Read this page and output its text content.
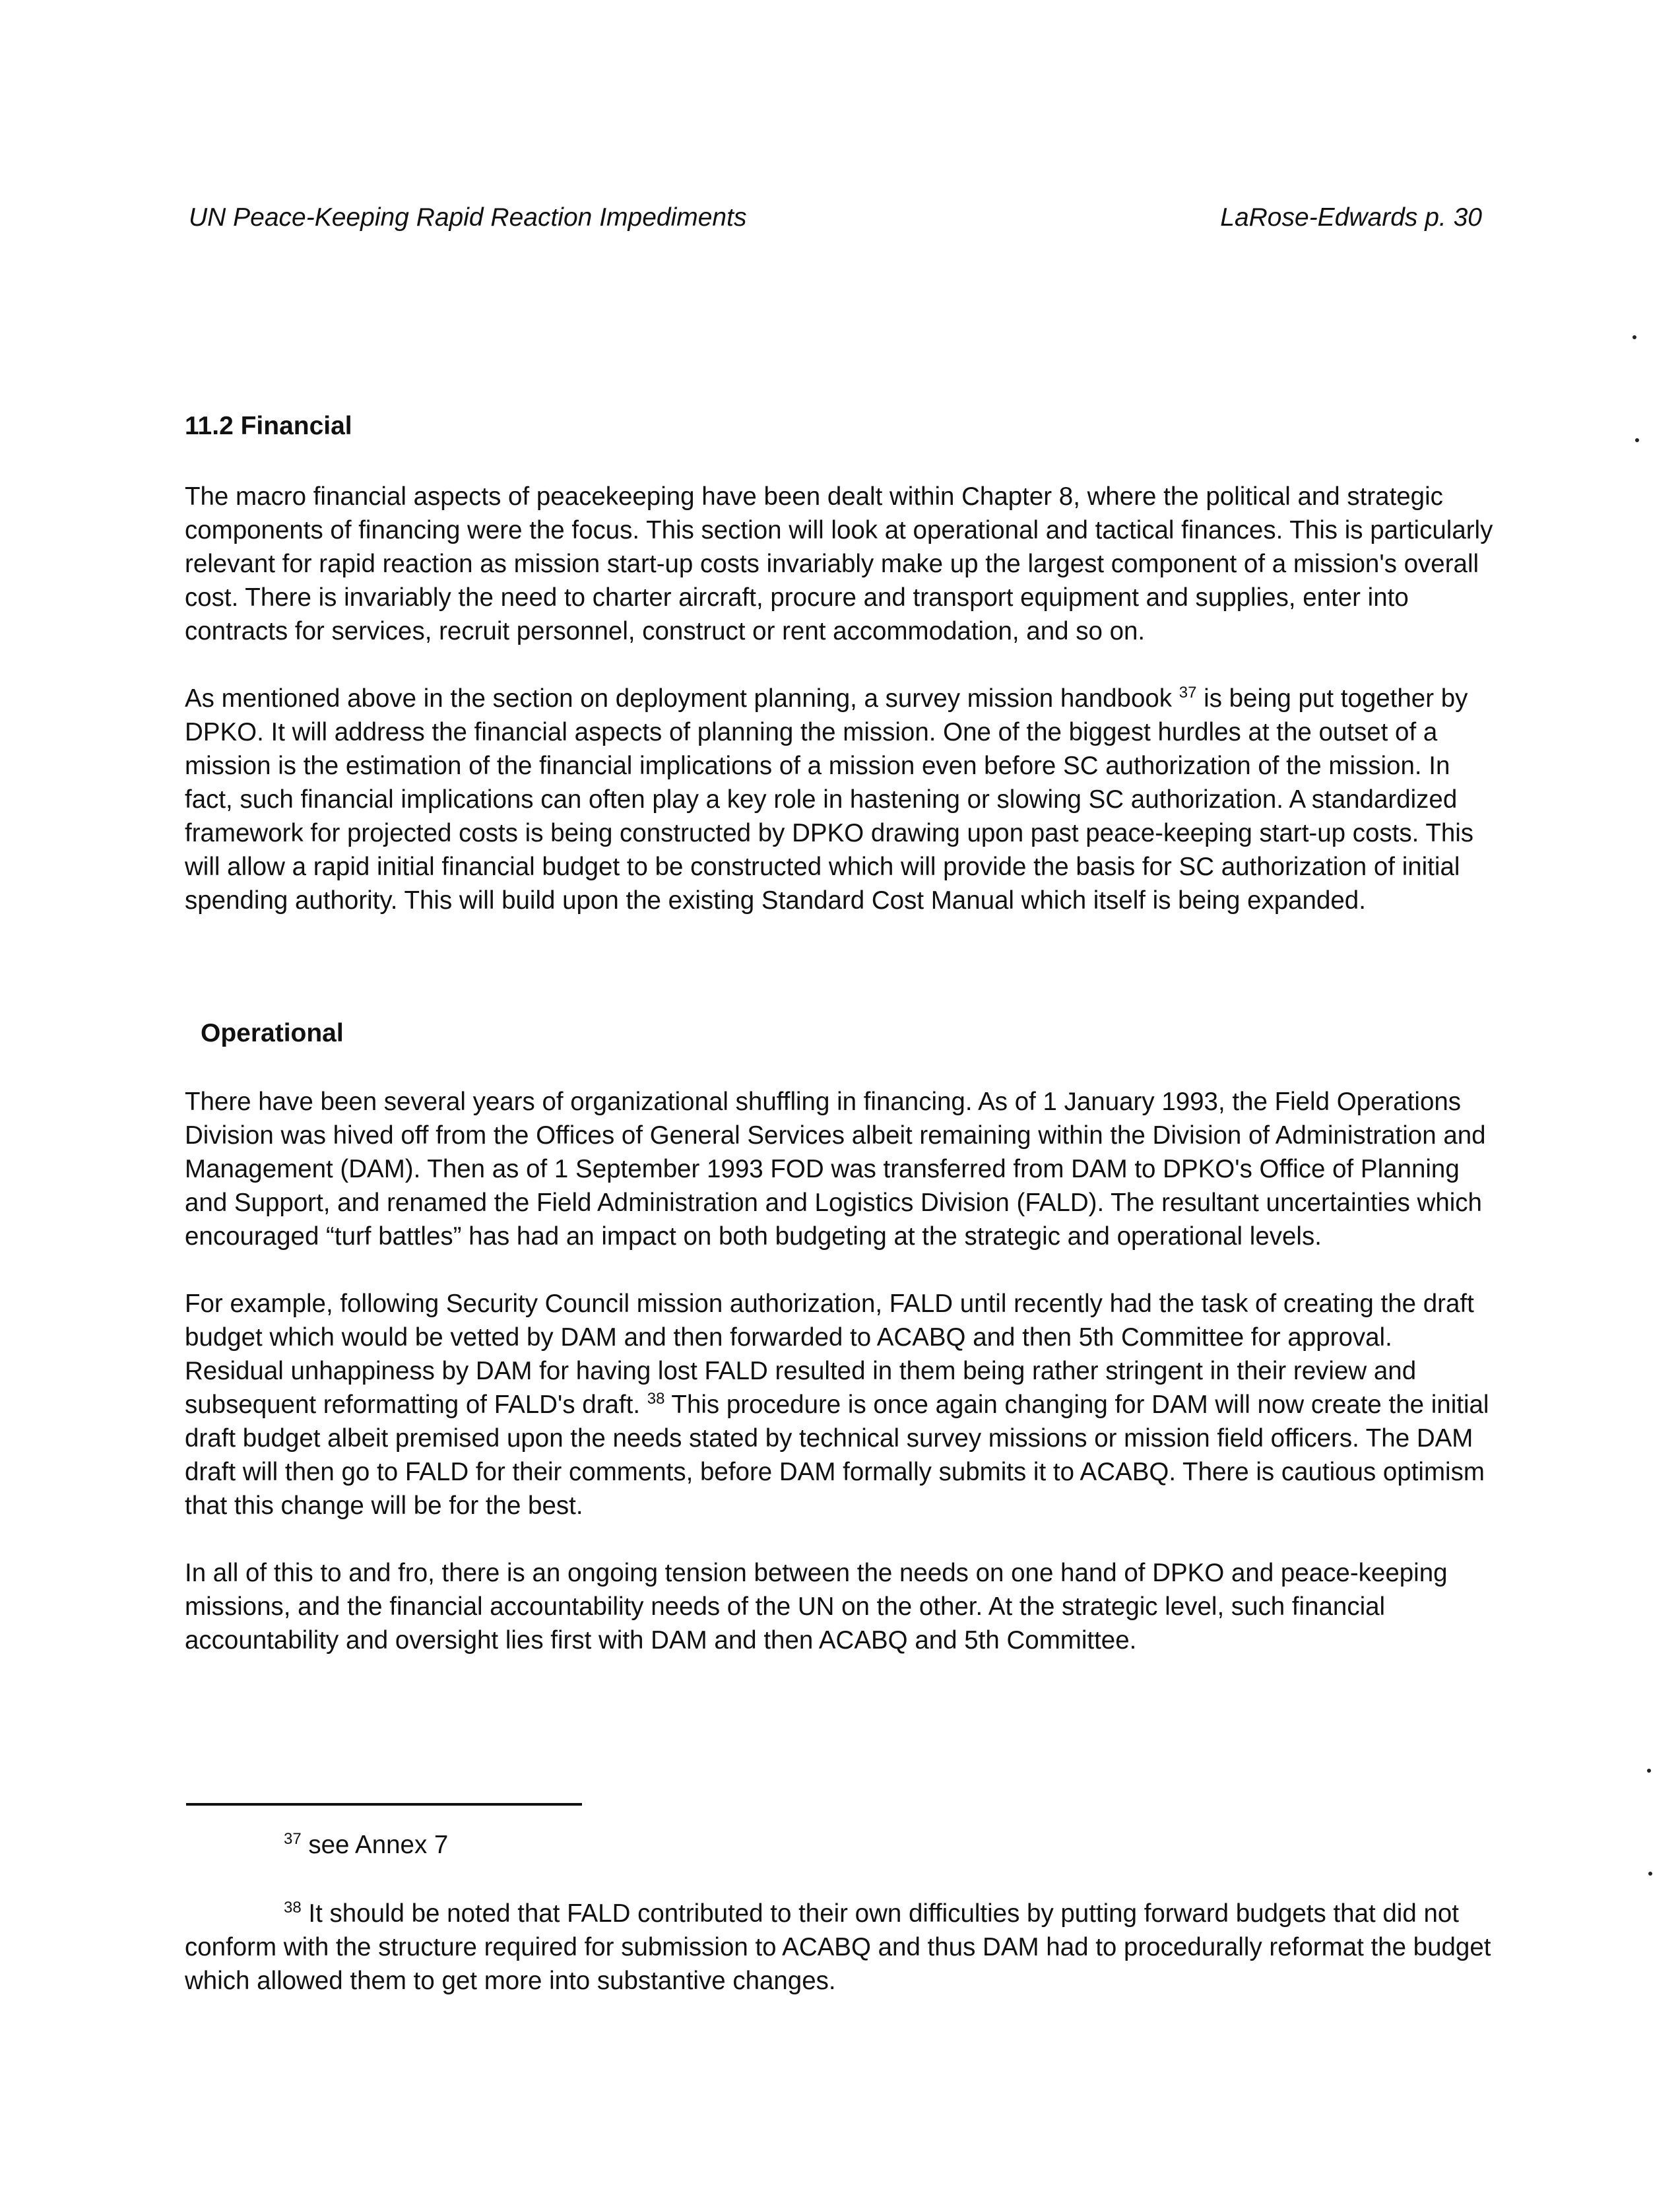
UN Peace-Keeping Rapid Reaction Impediments	LaRose-Edwards p. 30
11.2 Financial

The macro financial aspects of peacekeeping have been dealt within Chapter 8, where the political and strategic components of financing were the focus. This section will look at operational and tactical finances. This is particularly relevant for rapid reaction as mission start-up costs invariably make up the largest component of a mission's overall cost. There is invariably the need to charter aircraft, procure and transport equipment and supplies, enter into contracts for services, recruit personnel, construct or rent accommodation, and so on.

As mentioned above in the section on deployment planning, a survey mission handbook $^{37}$ is being put together by DPKO. It will address the financial aspects of planning the mission. One of the biggest hurdles at the outset of a mission is the estimation of the financial implications of a mission even before SC authorization of the mission. In fact, such financial implications can often play a key role in hastening or slowing SC authorization. A standardized framework for projected costs is being constructed by DPKO drawing upon past peace-keeping start-up costs. This will allow a rapid initial financial budget to be constructed which will provide the basis for SC authorization of initial spending authority. This will build upon the existing Standard Cost Manual which itself is being expanded.

Operational

There have been several years of organizational shuffling in financing. As of 1 January 1993, the Field Operations Division was hived off from the Offices of General Services albeit remaining within the Division of Administration and Management (DAM). Then as of 1 September 1993 FOD was transferred from DAM to DPKO's Office of Planning and Support, and renamed the Field Administration and Logistics Division (FALD). The resultant uncertainties which encouraged “turf battles” has had an impact on both budgeting at the strategic and operational levels.

For example, following Security Council mission authorization, FALD until recently had the task of creating the draft budget which would be vetted by DAM and then forwarded to ACABQ and then 5th Committee for approval. Residual unhappiness by DAM for having lost FALD resulted in them being rather stringent in their review and subsequent reformatting of FALD's draft. $^{38}$ This procedure is once again changing for DAM will now create the initial draft budget albeit premised upon the needs stated by technical survey missions or mission field officers. The DAM draft will then go to FALD for their comments, before DAM formally submits it to ACABQ. There is cautious optimism that this change will be for the best.

In all of this to and fro, there is an ongoing tension between the needs on one hand of DPKO and peace-keeping missions, and the financial accountability needs of the UN on the other. At the strategic level, such financial accountability and oversight lies first with DAM and then ACABQ and 5th Committee.

$^{37}$ see Annex 7

$^{38}$ It should be noted that FALD contributed to their own difficulties by putting forward budgets that did not conform with the structure required for submission to ACABQ and thus DAM had to procedurally reformat the budget which allowed them to get more into substantive changes.
